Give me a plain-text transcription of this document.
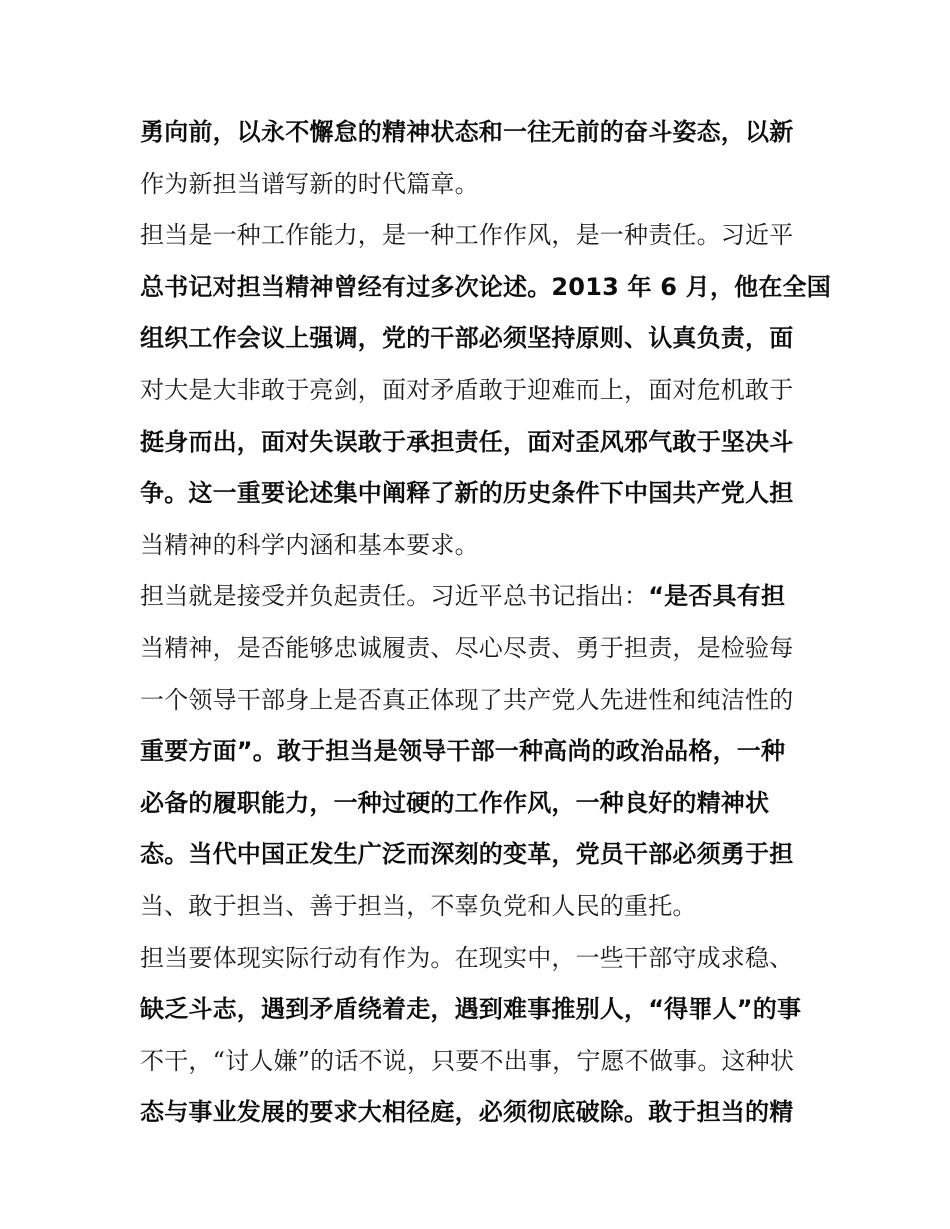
勇向前，以永不懈怠的精神状态和一往无前的奋斗姿态，以新
作为新担当谱写新的时代篇章。
担当是一种工作能力，是一种工作作风，是一种责任。习近平
总书记对担当精神曾经有过多次论述。2013 年 6 月，他在全国
组织工作会议上强调，党的干部必须坚持原则、认真负责，面
对大是大非敢于亮剑，面对矛盾敢于迎难而上，面对危机敢于
挺身而出，面对失误敢于承担责任，面对歪风邪气敢于坚决斗
争。这一重要论述集中阐释了新的历史条件下中国共产党人担
当精神的科学内涵和基本要求。
担当就是接受并负起责任。习近平总书记指出：“是否具有担
当精神，是否能够忠诚履责、尽心尽责、勇于担责，是检验每
一个领导干部身上是否真正体现了共产党人先进性和纯洁性的
重要方面”。敢于担当是领导干部一种高尚的政治品格，一种
必备的履职能力，一种过硬的工作作风，一种良好的精神状
态。当代中国正发生广泛而深刻的变革，党员干部必须勇于担
当、敢于担当、善于担当，不辜负党和人民的重托。
担当要体现实际行动有作为。在现实中，一些干部守成求稳、
缺乏斗志，遇到矛盾绕着走，遇到难事推别人，“得罪人”的事
不干，“讨人嫌”的话不说，只要不出事，宁愿不做事。这种状
态与事业发展的要求大相径庭，必须彻底破除。敢于担当的精
